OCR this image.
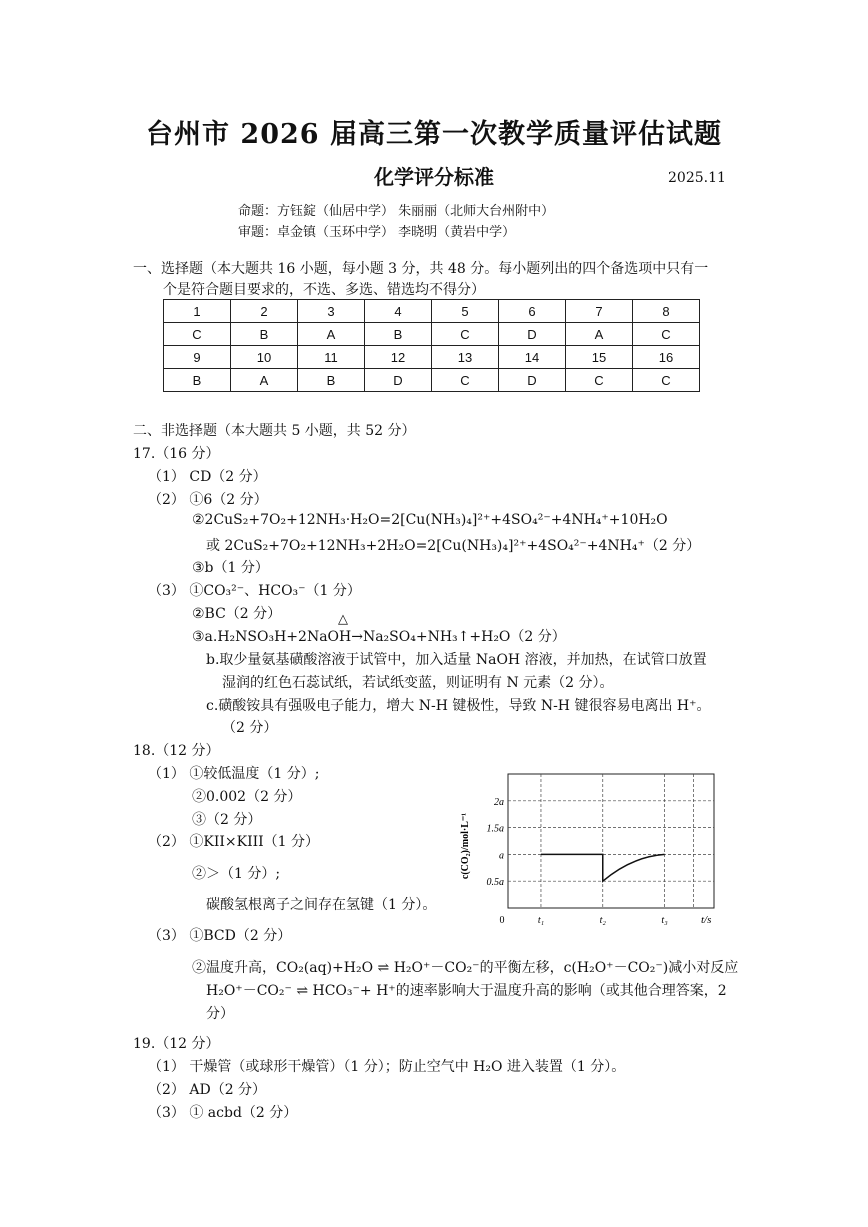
台州市 2026 届高三第一次教学质量评估试题
化学评分标准	2025.11
命题：方钰錠（仙居中学） 朱丽丽（北师大台州附中）
审题：卓金镇（玉环中学） 李晓明（黄岩中学）
一、选择题（本大题共 16 小题，每小题 3 分，共 48 分。每小题列出的四个备选项中只有一
个是符合题目要求的，不选、多选、错选均不得分）
1	2	3	4	5	6	7	8
C	B	A	B	C	D	A	C
9	10	11	12	13	14	15	16
B	A	B	D	C	D	C	C
二、非选择题（本大题共 5 小题，共 52 分）
17.（16 分）
（1） CD（2 分）
（2） ①6（2 分）
②2CuS₂+7O₂+12NH₃·H₂O=2[Cu(NH₃)₄]²⁺+4SO₄²⁻+4NH₄⁺+10H₂O
或 2CuS₂+7O₂+12NH₃+2H₂O=2[Cu(NH₃)₄]²⁺+4SO₄²⁻+4NH₄⁺（2 分）
③b（1 分）
（3） ①CO₃²⁻、HCO₃⁻（1 分）
②BC（2 分）	△
③a.H₂NSO₃H+2NaOH→Na₂SO₄+NH₃↑+H₂O（2 分）
b.取少量氨基磺酸溶液于试管中，加入适量 NaOH 溶液，并加热，在试管口放置
湿润的红色石蕊试纸，若试纸变蓝，则证明有 N 元素（2 分）。
c.磺酸铵具有强吸电子能力，增大 N-H 键极性，导致 N-H 键很容易电离出 H⁺。
（2 分）
18.（12 分）
（1） ①较低温度（1 分）;
②0.002（2 分）
③（2 分）
（2） ①KII×KIII（1 分）
②＞（1 分）;
碳酸氢根离子之间存在氢键（1 分）。
（3） ①BCD（2 分）
②温度升高，CO₂(aq)+H₂O ⇌ H₂O⁺－CO₂⁻的平衡左移，c(H₂O⁺－CO₂⁻)减小对反应
H₂O⁺－CO₂⁻ ⇌ HCO₃⁻+ H⁺的速率影响大于温度升高的影响（或其他合理答案，2
分）
19.（12 分）
（1） 干燥管（或球形干燥管）（1 分）；防止空气中 H₂O 进入装置（1 分）。
（2） AD（2 分）
（3） ① acbd（2 分）
0.5a
a
1.5a
2a
0	t₁	t₂	t₃
c(CO₂)/mol·L⁻¹
t/s
